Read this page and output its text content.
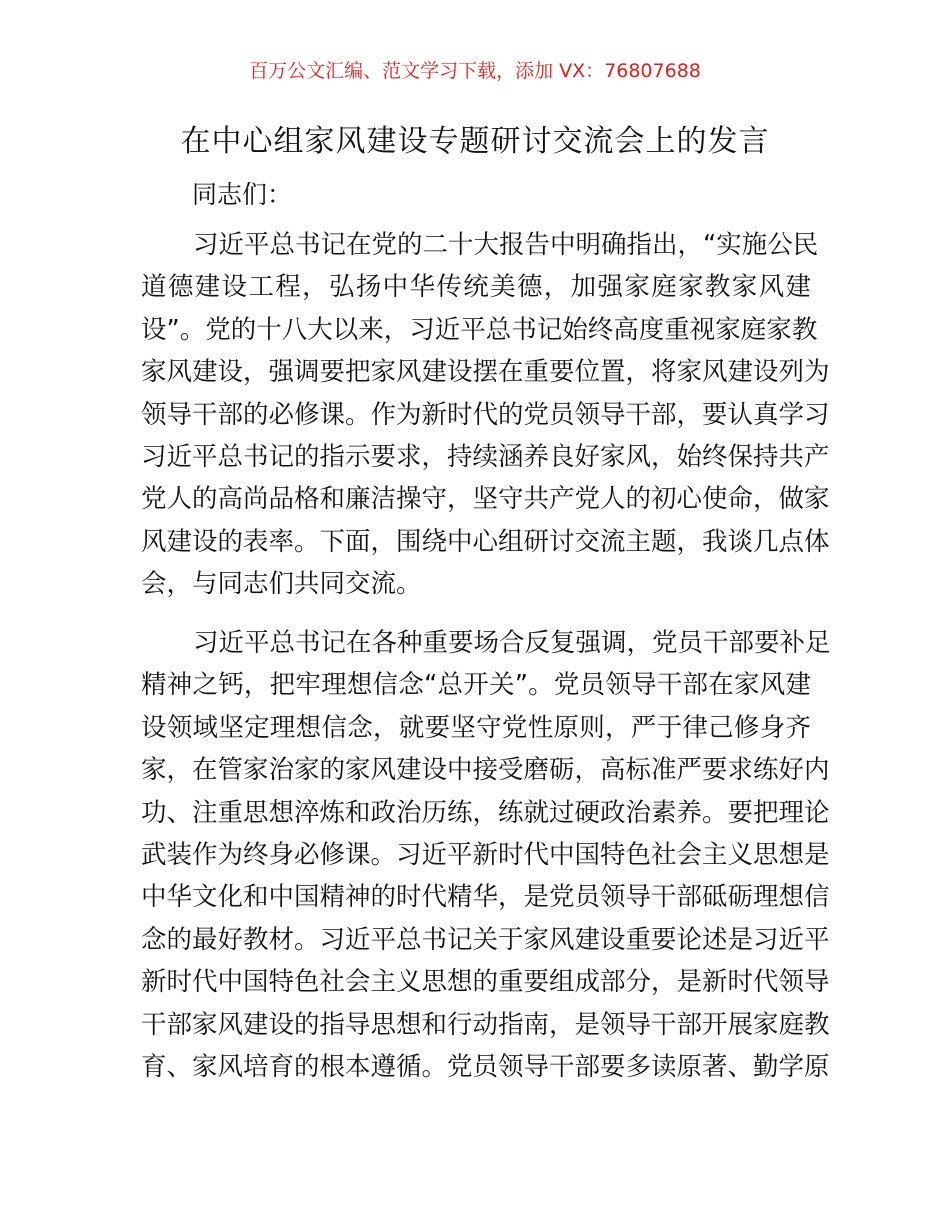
百万公文汇编、范文学习下载，添加 VX：76807688
在中心组家风建设专题研讨交流会上的发言
同志们：
习近平总书记在党的二十大报告中明确指出，“实施公民
道德建设工程，弘扬中华传统美德，加强家庭家教家风建
设”。党的十八大以来，习近平总书记始终高度重视家庭家教
家风建设，强调要把家风建设摆在重要位置，将家风建设列为
领导干部的必修课。作为新时代的党员领导干部，要认真学习
习近平总书记的指示要求，持续涵养良好家风，始终保持共产
党人的高尚品格和廉洁操守，坚守共产党人的初心使命，做家
风建设的表率。下面，围绕中心组研讨交流主题，我谈几点体
会，与同志们共同交流。
习近平总书记在各种重要场合反复强调，党员干部要补足
精神之钙，把牢理想信念“总开关”。党员领导干部在家风建
设领域坚定理想信念，就要坚守党性原则，严于律己修身齐
家，在管家治家的家风建设中接受磨砺，高标准严要求练好内
功、注重思想淬炼和政治历练，练就过硬政治素养。要把理论
武装作为终身必修课。习近平新时代中国特色社会主义思想是
中华文化和中国精神的时代精华，是党员领导干部砥砺理想信
念的最好教材。习近平总书记关于家风建设重要论述是习近平
新时代中国特色社会主义思想的重要组成部分，是新时代领导
干部家风建设的指导思想和行动指南，是领导干部开展家庭教
育、家风培育的根本遵循。党员领导干部要多读原著、勤学原
